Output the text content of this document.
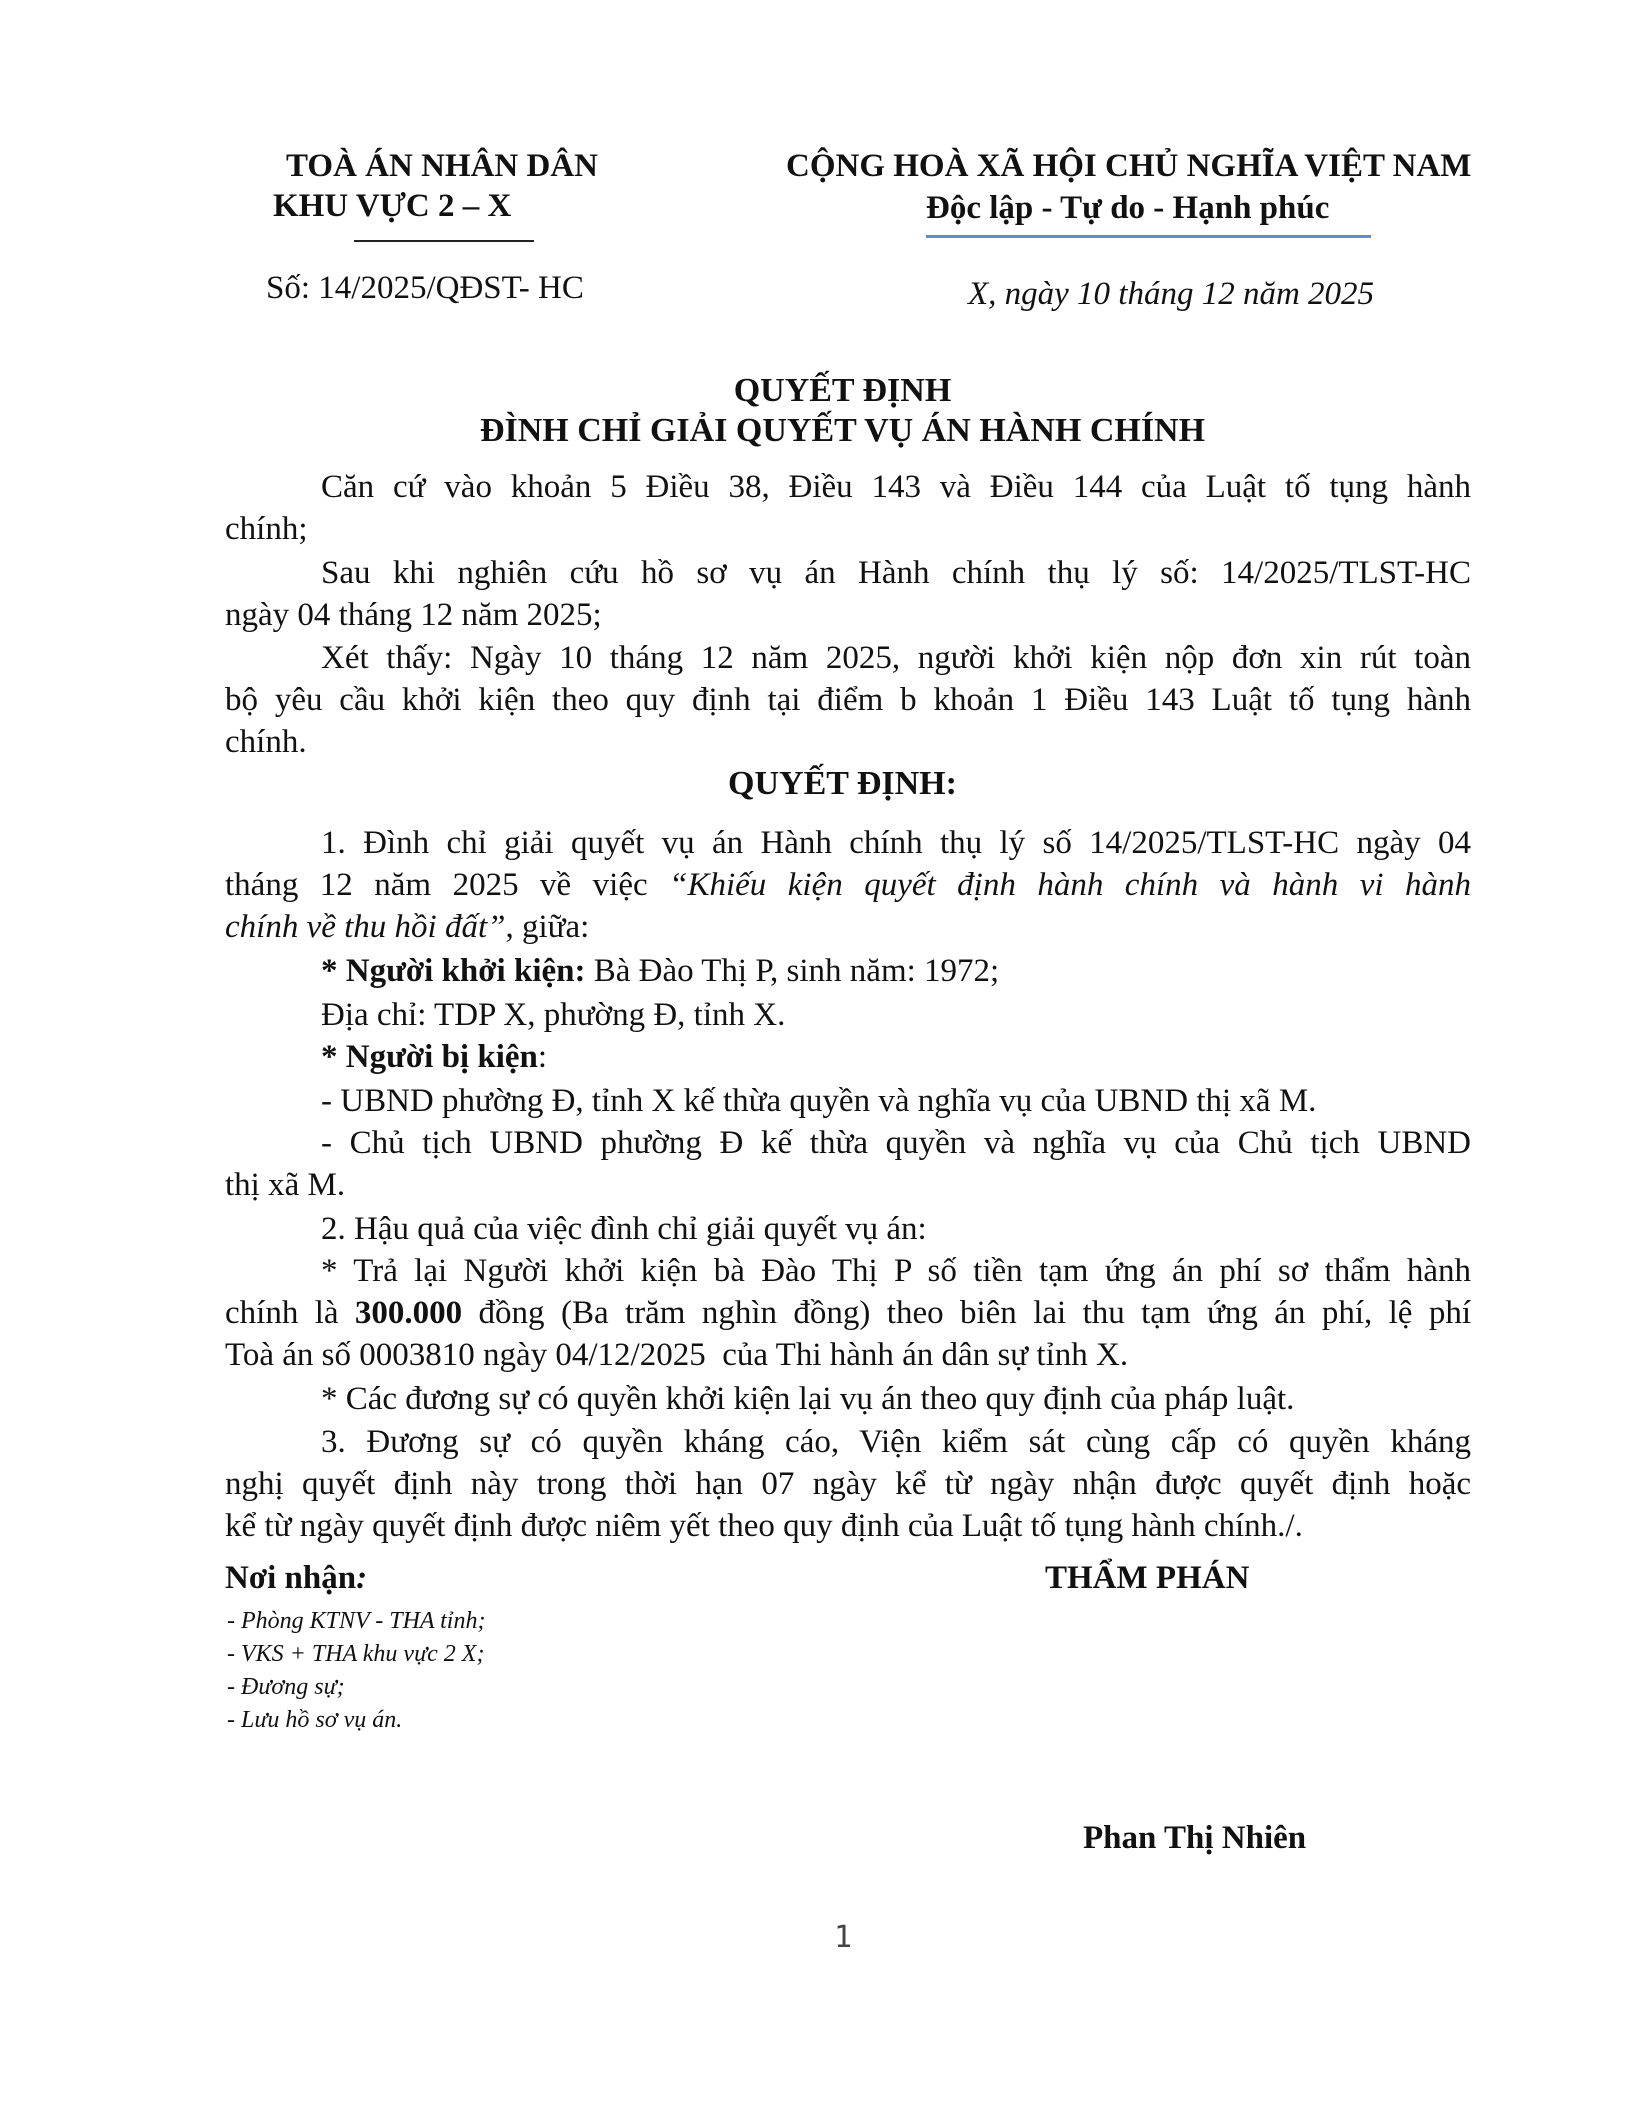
TOÀ ÁN NHÂN DÂN
KHU VỰC 2 – X
CỘNG HOÀ XÃ HỘI CHỦ NGHĨA VIỆT NAM
Độc lập - Tự do - Hạnh phúc
Số: 14/2025/QĐST- HC	X, ngày 10 tháng 12 năm 2025
QUYẾT ĐỊNH
ĐÌNH CHỈ GIẢI QUYẾT VỤ ÁN HÀNH CHÍNH
Căn cứ vào khoản 5 Điều 38, Điều 143 và Điều 144 của Luật tố tụng hành
chính;
Sau khi nghiên cứu hồ sơ vụ án Hành chính thụ lý số: 14/2025/TLST-HC
ngày 04 tháng 12 năm 2025;
Xét thấy: Ngày 10 tháng 12 năm 2025, người khởi kiện nộp đơn xin rút toàn
bộ yêu cầu khởi kiện theo quy định tại điểm b khoản 1 Điều 143 Luật tố tụng hành
chính.
QUYẾT ĐỊNH:
1. Đình chỉ giải quyết vụ án Hành chính thụ lý số 14/2025/TLST-HC ngày 04
tháng 12 năm 2025 về việc “Khiếu kiện quyết định hành chính và hành vi hành
chính về thu hồi đất”, giữa:
* Người khởi kiện: Bà Đào Thị P, sinh năm: 1972;
Địa chỉ: TDP X, phường Đ, tỉnh X.
* Người bị kiện:
- UBND phường Đ, tỉnh X kế thừa quyền và nghĩa vụ của UBND thị xã M.
- Chủ tịch UBND phường Đ kế thừa quyền và nghĩa vụ của Chủ tịch UBND
thị xã M.
2. Hậu quả của việc đình chỉ giải quyết vụ án:
* Trả lại Người khởi kiện bà Đào Thị P số tiền tạm ứng án phí sơ thẩm hành
chính là 300.000 đồng (Ba trăm nghìn đồng) theo biên lai thu tạm ứng án phí, lệ phí
Toà án số 0003810 ngày 04/12/2025  của Thi hành án dân sự tỉnh X.
* Các đương sự có quyền khởi kiện lại vụ án theo quy định của pháp luật.
3. Đương sự có quyền kháng cáo, Viện kiểm sát cùng cấp có quyền kháng
nghị quyết định này trong thời hạn 07 ngày kể từ ngày nhận được quyết định hoặc
kể từ ngày quyết định được niêm yết theo quy định của Luật tố tụng hành chính./.
Nơi nhận:
- Phòng KTNV - THA tỉnh;
- VKS + THA khu vực 2 X;
- Đương sự;
- Lưu hồ sơ vụ án.
THẨM PHÁN
Phan Thị Nhiên
1
